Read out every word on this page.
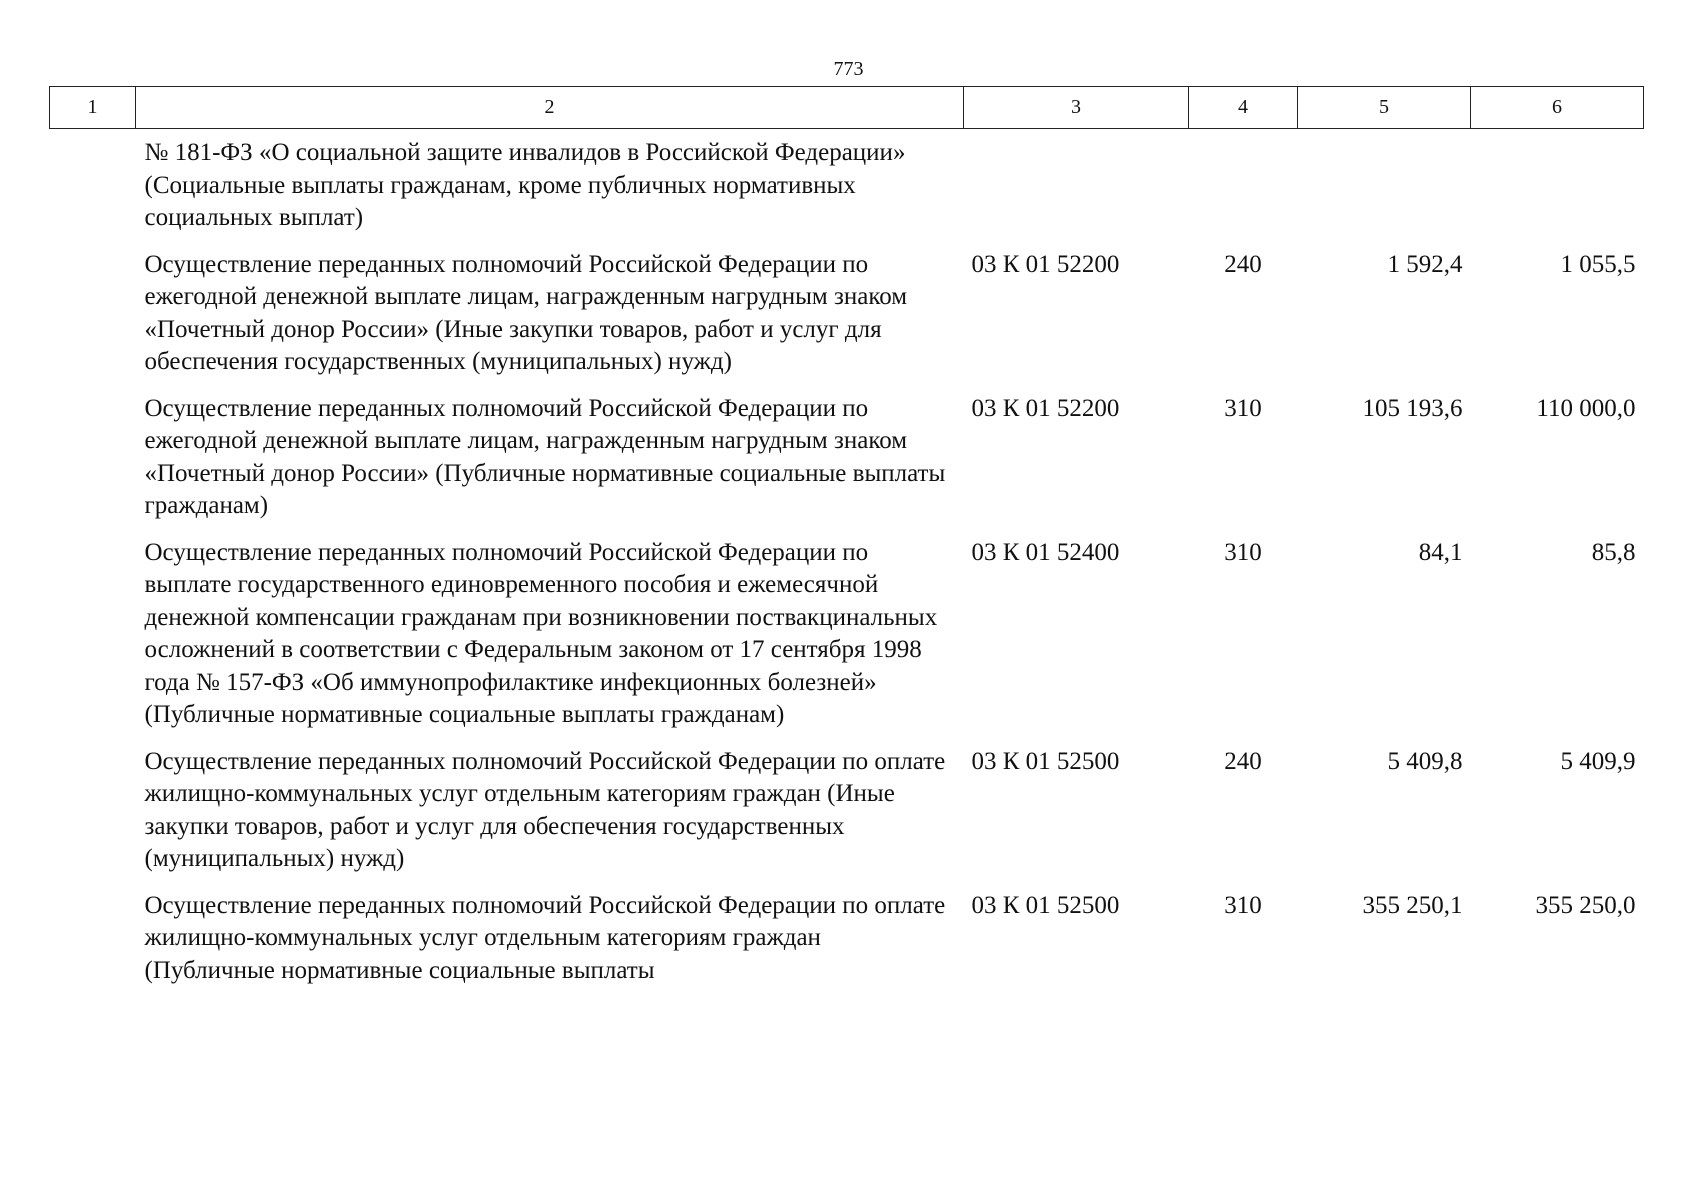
773
1	2	3	4	5	6
	№ 181-ФЗ «О социальной защите инвалидов в Российской Федерации» (Социальные выплаты гражданам, кроме публичных нормативных социальных выплат)				
	Осуществление переданных полномочий Российской Федерации по ежегодной денежной выплате лицам, награжденным нагрудным знаком «Почетный донор России» (Иные закупки товаров, работ и услуг для обеспечения государственных (муниципальных) нужд)	03 К 01 52200	240	1 592,4	1 055,5
	Осуществление переданных полномочий Российской Федерации по ежегодной денежной выплате лицам, награжденным нагрудным знаком «Почетный донор России» (Публичные нормативные социальные выплаты гражданам)	03 К 01 52200	310	105 193,6	110 000,0
	Осуществление переданных полномочий Российской Федерации по выплате государственного единовременного пособия и ежемесячной денежной компенсации гражданам при возникновении поствакцинальных осложнений в соответствии с Федеральным законом от 17 сентября 1998 года № 157-ФЗ «Об иммунопрофилактике инфекционных болезней» (Публичные нормативные социальные выплаты гражданам)	03 К 01 52400	310	84,1	85,8
	Осуществление переданных полномочий Российской Федерации по оплате жилищно-коммунальных услуг отдельным категориям граждан (Иные закупки товаров, работ и услуг для обеспечения государственных (муниципальных) нужд)	03 К 01 52500	240	5 409,8	5 409,9
	Осуществление переданных полномочий Российской Федерации по оплате жилищно-коммунальных услуг отдельным категориям граждан (Публичные нормативные социальные выплаты	03 К 01 52500	310	355 250,1	355 250,0
